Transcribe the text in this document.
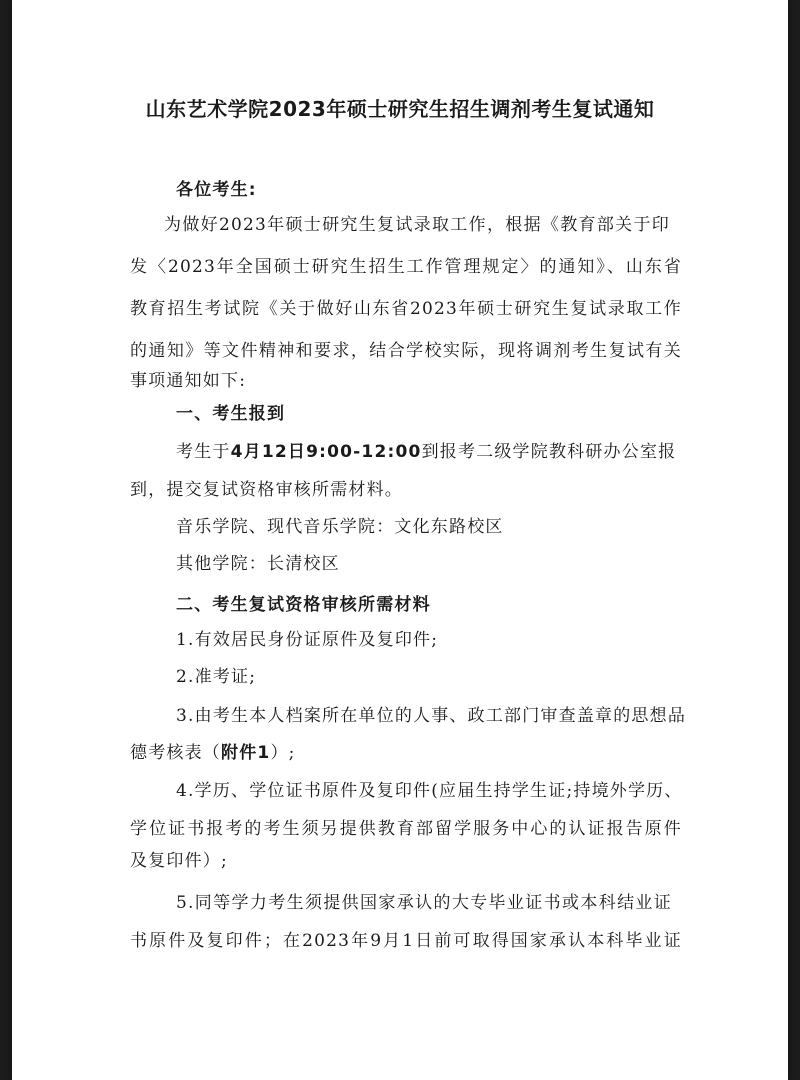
山东艺术学院2023年硕士研究生招生调剂考生复试通知
各位考生:
为做好2023年硕士研究生复试录取工作，根据《教育部关于印
发〈2023年全国硕士研究生招生工作管理规定〉的通知》、山东省
教育招生考试院《关于做好山东省2023年硕士研究生复试录取工作
的通知》等文件精神和要求，结合学校实际，现将调剂考生复试有关
事项通知如下:
一、考生报到
考生于4月12日9:00-12:00到报考二级学院教科研办公室报
到，提交复试资格审核所需材料。
音乐学院、现代音乐学院：文化东路校区
其他学院：长清校区
二、考生复试资格审核所需材料
1.有效居民身份证原件及复印件;
2.准考证;
3.由考生本人档案所在单位的人事、政工部门审查盖章的思想品
德考核表（附件1）;
4.学历、学位证书原件及复印件(应届生持学生证;持境外学历、
学位证书报考的考生须另提供教育部留学服务中心的认证报告原件
及复印件）;
5.同等学力考生须提供国家承认的大专毕业证书或本科结业证
书原件及复印件；在2023年9月1日前可取得国家承认本科毕业证
